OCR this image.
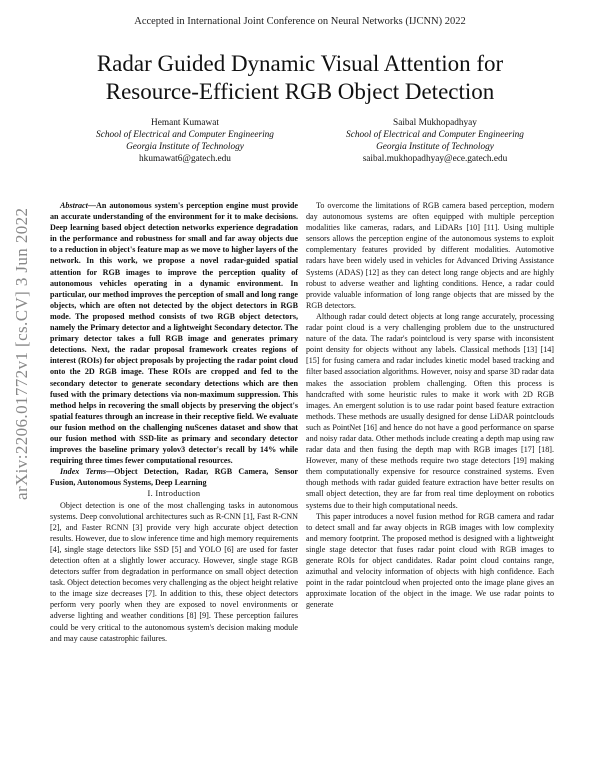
Accepted in International Joint Conference on Neural Networks (IJCNN) 2022
Radar Guided Dynamic Visual Attention for
Resource-Efficient RGB Object Detection
Hemant Kumawat
School of Electrical and Computer Engineering
Georgia Institute of Technology
hkumawat6@gatech.edu
Saibal Mukhopadhyay
School of Electrical and Computer Engineering
Georgia Institute of Technology
saibal.mukhopadhyay@ece.gatech.edu
arXiv:2206.01772v1 [cs.CV] 3 Jun 2022

Abstract—An autonomous system's perception engine must provide an accurate understanding of the environment for it to make decisions. Deep learning based object detection networks experience degradation in the performance and robustness for small and far away objects due to a reduction in object's feature map as we move to higher layers of the network. In this work, we propose a novel radar-guided spatial attention for RGB images to improve the perception quality of autonomous vehicles operating in a dynamic environment. In particular, our method improves the perception of small and long range objects, which are often not detected by the object detectors in RGB mode. The proposed method consists of two RGB object detectors, namely the Primary detector and a lightweight Secondary detector. The primary detector takes a full RGB image and generates primary detections. Next, the radar proposal framework creates regions of interest (ROIs) for object proposals by projecting the radar point cloud onto the 2D RGB image. These ROIs are cropped and fed to the secondary detector to generate secondary detections which are then fused with the primary detections via non-maximum suppression. This method helps in recovering the small objects by preserving the object's spatial features through an increase in their receptive field. We evaluate our fusion method on the challenging nuScenes dataset and show that our fusion method with SSD-lite as primary and secondary detector improves the baseline primary yolov3 detector's recall by 14% while requiring three times fewer computational resources.

Index Terms—Object Detection, Radar, RGB Camera, Sensor Fusion, Autonomous Systems, Deep Learning

I. Introduction

Object detection is one of the most challenging tasks in autonomous systems. Deep convolutional architectures such as R-CNN [1], Fast R-CNN [2], and Faster RCNN [3] provide very high accurate object detection results. However, due to slow inference time and high memory requirements [4], single stage detectors like SSD [5] and YOLO [6] are used for faster detection often at a slightly lower accuracy. However, single stage RGB detectors suffer from degradation in performance on small object detection task. Object detection becomes very challenging as the object height relative to the image size decreases [7]. In addition to this, these object detectors perform very poorly when they are exposed to novel environments or adverse lighting and weather conditions [8] [9]. These perception failures could be very critical to the autonomous system's decision making module and may cause catastrophic failures.

To overcome the limitations of RGB camera based perception, modern day autonomous systems are often equipped with multiple perception modalities like cameras, radars, and LiDARs [10] [11]. Using multiple sensors allows the perception engine of the autonomous systems to exploit complementary features provided by different modalities. Automotive radars have been widely used in vehicles for Advanced Driving Assistance Systems (ADAS) [12] as they can detect long range objects and are highly robust to adverse weather and lighting conditions. Hence, a radar could provide valuable information of long range objects that are missed by the RGB detectors.

Although radar could detect objects at long range accurately, processing radar point cloud is a very challenging problem due to the unstructured nature of the data. The radar's pointcloud is very sparse with inconsistent point density for objects without any labels. Classical methods [13] [14] [15] for fusing camera and radar includes kinetic model based tracking and filter based association algorithms. However, noisy and sparse 3D radar data makes the association problem challenging. Often this process is handcrafted with some heuristic rules to make it work with 2D RGB images. An emergent solution is to use radar point based feature extraction methods. These methods are usually designed for dense LiDAR pointclouds such as PointNet [16] and hence do not have a good performance on sparse and noisy radar data. Other methods include creating a depth map using raw radar data and then fusing the depth map with RGB images [17] [18]. However, many of these methods require two stage detectors [19] making them computationally expensive for resource constrained systems. Even though methods with radar guided feature extraction have better results on small object detection, they are far from real time deployment on robotics systems due to their high computational needs.

This paper introduces a novel fusion method for RGB camera and radar to detect small and far away objects in RGB images with low complexity and memory footprint. The proposed method is designed with a lightweight single stage detector that fuses radar point cloud with RGB images to generate ROIs for object candidates. Radar point cloud contains range, azimuthal and velocity information of objects with high confidence. Each point in the radar pointcloud when projected onto the image plane gives an approximate location of the object in the image. We use radar points to generate
